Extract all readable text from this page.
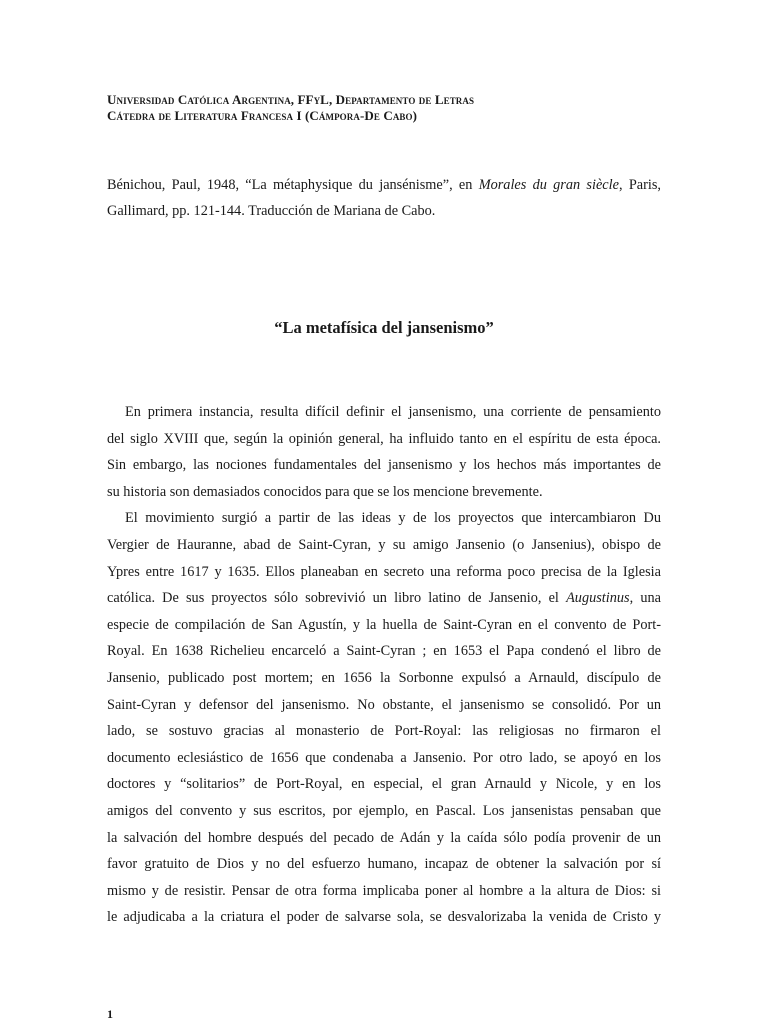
Universidad Católica Argentina, FFyL, Departamento de Letras
Cátedra de Literatura Francesa I (Cámpora-De Cabo)
Bénichou, Paul, 1948, “La métaphysique du jansénisme”, en Morales du gran siècle, Paris,
Gallimard, pp. 121-144. Traducción de Mariana de Cabo.
“La metafísica del jansenismo”
En primera instancia, resulta difícil definir el jansenismo, una corriente de pensamiento
del siglo XVIII que, según la opinión general, ha influido tanto en el espíritu de esta época.
Sin embargo, las nociones fundamentales del jansenismo y los hechos más importantes de
su historia son demasiados conocidos para que se los mencione brevemente.
El movimiento surgió a partir de las ideas y de los proyectos que intercambiaron Du
Vergier de Hauranne, abad de Saint-Cyran, y su amigo Jansenio (o Jansenius), obispo de
Ypres entre 1617 y 1635. Ellos planeaban en secreto una reforma poco precisa de la Iglesia
católica. De sus proyectos sólo sobrevivió un libro latino de Jansenio, el Augustinus, una
especie de compilación de San Agustín, y la huella de Saint-Cyran en el convento de Port-
Royal. En 1638 Richelieu encarceló a Saint-Cyran ; en 1653 el Papa condenó el libro de
Jansenio, publicado post mortem; en 1656 la Sorbonne expulsó a Arnauld, discípulo de
Saint-Cyran y defensor del jansenismo. No obstante, el jansenismo se consolidó. Por un
lado, se sostuvo gracias al monasterio de Port-Royal: las religiosas no firmaron el
documento eclesiástico de 1656 que condenaba a Jansenio. Por otro lado, se apoyó en los
doctores y “solitarios” de Port-Royal, en especial, el gran Arnauld y Nicole, y en los
amigos del convento y sus escritos, por ejemplo, en Pascal. Los jansenistas pensaban que
la salvación del hombre después del pecado de Adán y la caída sólo podía provenir de un
favor gratuito de Dios y no del esfuerzo humano, incapaz de obtener la salvación por sí
mismo y de resistir. Pensar de otra forma implicaba poner al hombre a la altura de Dios: si
le adjudicaba a la criatura el poder de salvarse sola, se desvalorizaba la venida de Cristo y
1
